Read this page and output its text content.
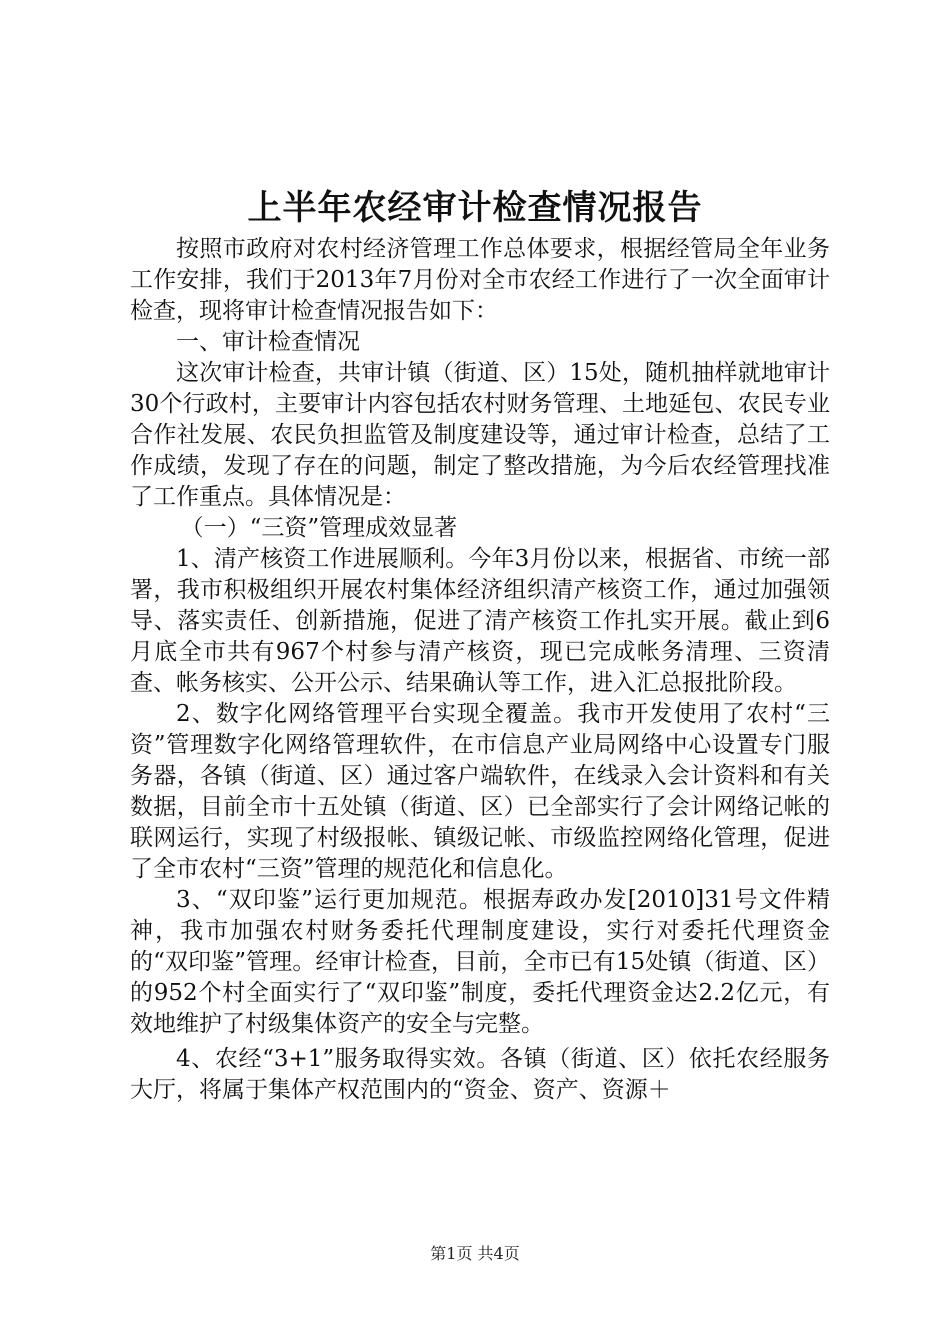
上半年农经审计检查情况报告

按照市政府对农村经济管理工作总体要求，根据经管局全年业务工作安排，我们于2013年7月份对全市农经工作进行了一次全面审计检查，现将审计检查情况报告如下：

一、审计检查情况

这次审计检查，共审计镇（街道、区）15处，随机抽样就地审计30个行政村，主要审计内容包括农村财务管理、土地延包、农民专业合作社发展、农民负担监管及制度建设等，通过审计检查，总结了工作成绩，发现了存在的问题，制定了整改措施，为今后农经管理找准了工作重点。具体情况是：

（一）“三资”管理成效显著

1、清产核资工作进展顺利。今年3月份以来，根据省、市统一部署，我市积极组织开展农村集体经济组织清产核资工作，通过加强领导、落实责任、创新措施，促进了清产核资工作扎实开展。截止到6月底全市共有967个村参与清产核资，现已完成帐务清理、三资清查、帐务核实、公开公示、结果确认等工作，进入汇总报批阶段。

2、数字化网络管理平台实现全覆盖。我市开发使用了农村“三资”管理数字化网络管理软件，在市信息产业局网络中心设置专门服务器，各镇（街道、区）通过客户端软件，在线录入会计资料和有关数据，目前全市十五处镇（街道、区）已全部实行了会计网络记帐的联网运行，实现了村级报帐、镇级记帐、市级监控网络化管理，促进了全市农村“三资”管理的规范化和信息化。

3、“双印鉴”运行更加规范。根据寿政办发[2010]31号文件精神，我市加强农村财务委托代理制度建设，实行对委托代理资金的“双印鉴”管理。经审计检查，目前，全市已有15处镇（街道、区）的952个村全面实行了“双印鉴”制度，委托代理资金达2.2亿元，有效地维护了村级集体资产的安全与完整。

4、农经“3+1”服务取得实效。各镇（街道、区）依托农经服务大厅，将属于集体产权范围内的“资金、资产、资源＋

第1页 共4页
